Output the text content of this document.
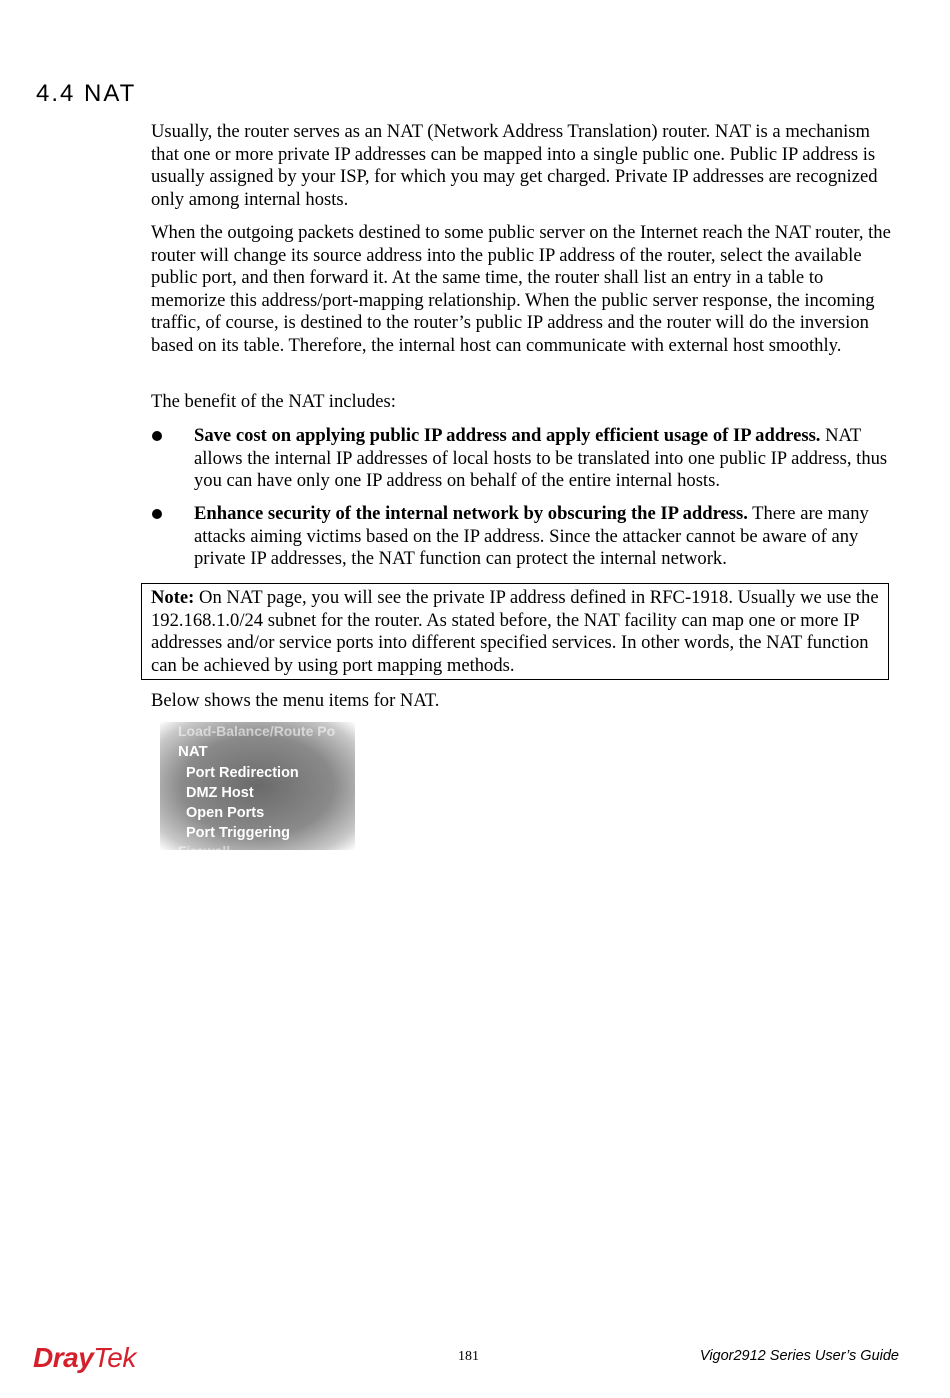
4.4 NAT

Usually, the router serves as an NAT (Network Address Translation) router. NAT is a mechanism that one or more private IP addresses can be mapped into a single public one. Public IP address is usually assigned by your ISP, for which you may get charged. Private IP addresses are recognized only among internal hosts.

When the outgoing packets destined to some public server on the Internet reach the NAT router, the router will change its source address into the public IP address of the router, select the available public port, and then forward it. At the same time, the router shall list an entry in a table to memorize this address/port-mapping relationship. When the public server response, the incoming traffic, of course, is destined to the router’s public IP address and the router will do the inversion based on its table. Therefore, the internal host can communicate with external host smoothly.

The benefit of the NAT includes:

Save cost on applying public IP address and apply efficient usage of IP address. NAT allows the internal IP addresses of local hosts to be translated into one public IP address, thus you can have only one IP address on behalf of the entire internal hosts.
Enhance security of the internal network by obscuring the IP address. There are many attacks aiming victims based on the IP address. Since the attacker cannot be aware of any private IP addresses, the NAT function can protect the internal network.
Note: On NAT page, you will see the private IP address defined in RFC-1918. Usually we use the 192.168.1.0/24 subnet for the router. As stated before, the NAT facility can map one or more IP addresses and/or service ports into different specified services. In other words, the NAT function can be achieved by using port mapping methods.

Below shows the menu items for NAT.

Load-Balance/Route Po
NAT
Port Redirection
DMZ Host
Open Ports
Port Triggering
Firewall
DrayTek	181	Vigor2912 Series User’s Guide
